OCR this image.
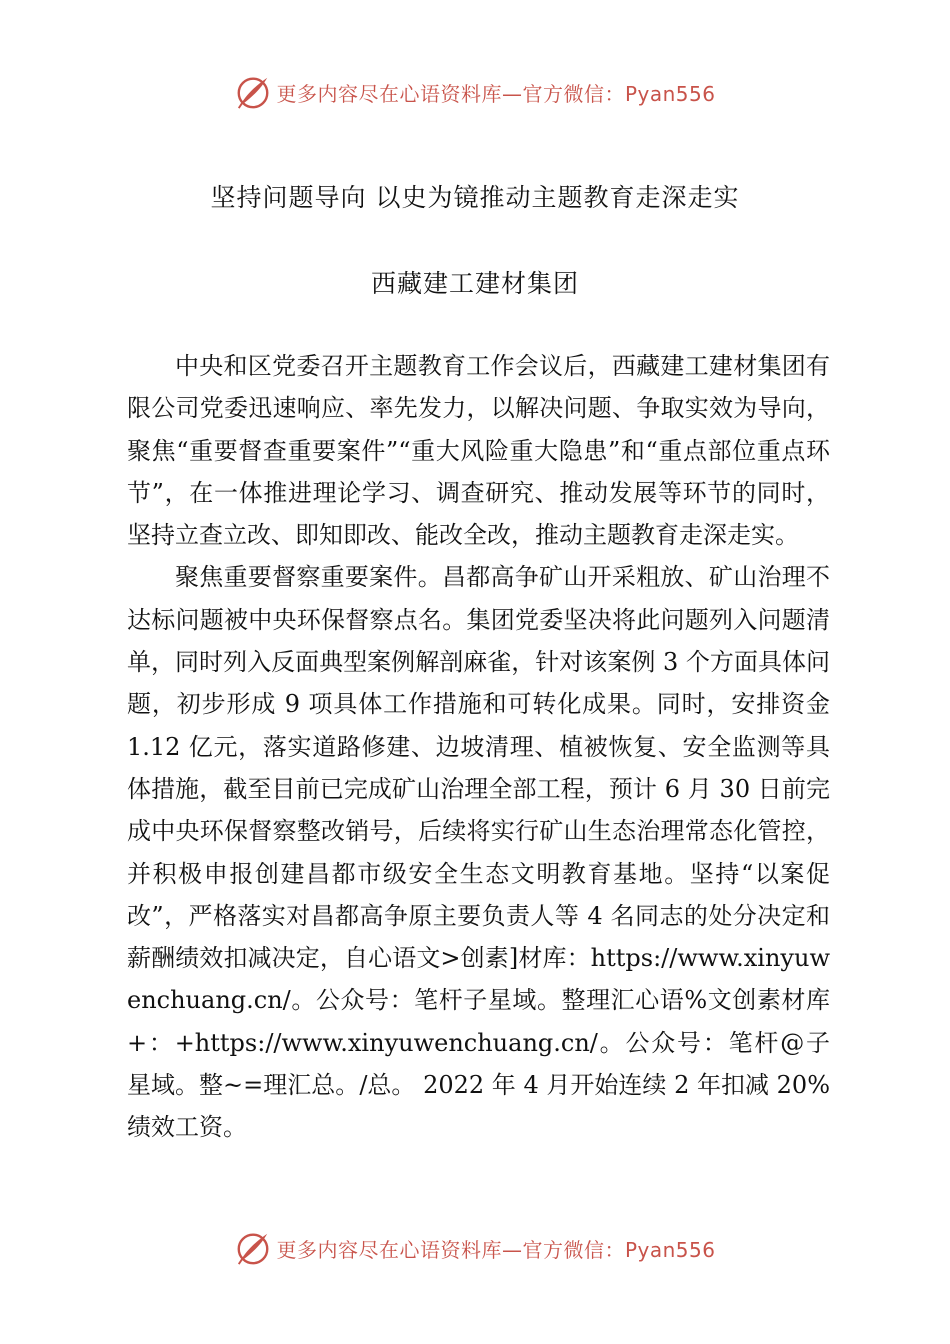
更多内容尽在心语资料库—官方微信：Pyan556
坚持问题导向 以史为镜推动主题教育走深走实
西藏建工建材集团

中央和区党委召开主题教育工作会议后，西藏建工建材集团有限公司党委迅速响应、率先发力，以解决问题、争取实效为导向，聚焦“重要督查重要案件”“重大风险重大隐患”和“重点部位重点环节”，在一体推进理论学习、调查研究、推动发展等环节的同时，坚持立查立改、即知即改、能改全改，推动主题教育走深走实。

聚焦重要督察重要案件。昌都高争矿山开采粗放、矿山治理不达标问题被中央环保督察点名。集团党委坚决将此问题列入问题清单，同时列入反面典型案例解剖麻雀，针对该案例 3 个方面具体问题，初步形成 9 项具体工作措施和可转化成果。同时，安排资金 1.12 亿元，落实道路修建、边坡清理、植被恢复、安全监测等具体措施，截至目前已完成矿山治理全部工程，预计 6 月 30 日前完成中央环保督察整改销号，后续将实行矿山生态治理常态化管控，并积极申报创建昌都市级安全生态文明教育基地。坚持“以案促改”，严格落实对昌都高争原主要负责人等 4 名同志的处分决定和薪酬绩效扣减决定，自心语文>创素]材库：https://www.xinyuwenchuang.cn/。公众号：笔杆子星域。整理汇心语%文创素材库+：+https://www.xinyuwenchuang.cn/。公众号：笔杆@子星域。整~=理汇总。/总。 2022 年 4 月开始连续 2 年扣减 20%绩效工资。

更多内容尽在心语资料库—官方微信：Pyan556
